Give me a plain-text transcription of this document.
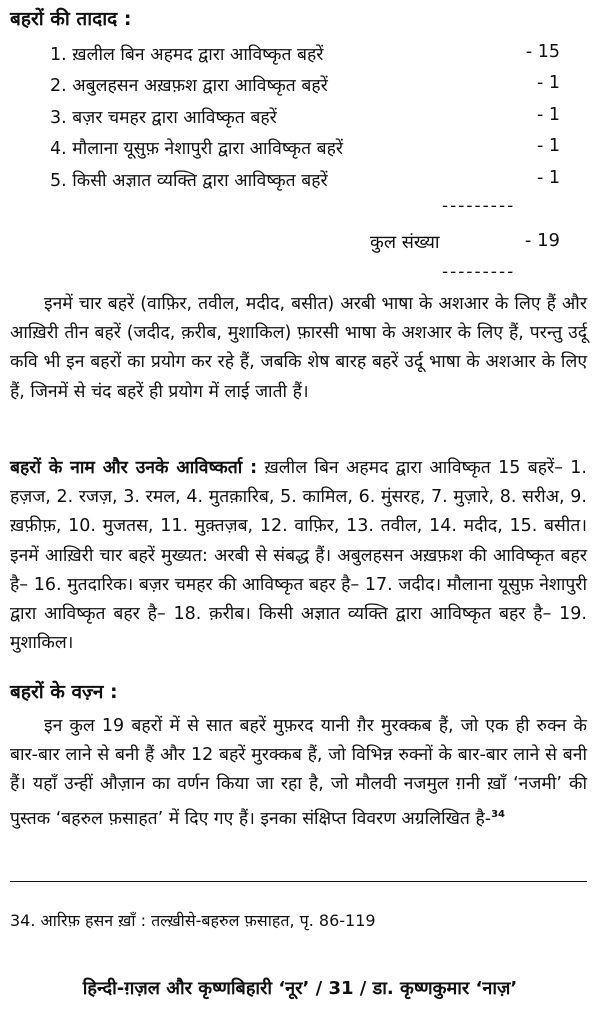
बहरों की तादाद :
1. ख़लील बिन अहमद द्वारा आविष्कृत बहरें	- 15
2. अबुलहसन अख़फ़श द्वारा आविष्कृत बहरें	- 1
3. बज़र चमहर द्वारा आविष्कृत बहरें	- 1
4. मौलाना यूसुफ़ नेशापुरी द्वारा आविष्कृत बहरें	- 1
5. किसी अज्ञात व्यक्ति द्वारा आविष्कृत बहरें	- 1
---------
कुल संख्या	- 19
---------

इनमें चार बहरें (वाफ़िर, तवील, मदीद, बसीत) अरबी भाषा के अशआर के लिए हैं और आख़िरी तीन बहरें (जदीद, क़रीब, मुशाकिल) फ़ारसी भाषा के अशआर के लिए हैं, परन्तु उर्दू कवि भी इन बहरों का प्रयोग कर रहे हैं, जबकि शेष बारह बहरें उर्दू भाषा के अशआर के लिए हैं, जिनमें से चंद बहरें ही प्रयोग में लाई जाती हैं।

बहरों के नाम और उनके आविष्कर्ता : ख़लील बिन अहमद द्वारा आविष्कृत 15 बहरें– 1. हज़ज, 2. रजज़, 3. रमल, 4. मुतक़ारिब, 5. कामिल, 6. मुंसरह, 7. मुज़ारे, 8. सरीअ, 9. ख़फ़ीफ़, 10. मुजतस, 11. मुक़्तज़ब, 12. वाफ़िर, 13. तवील, 14. मदीद, 15. बसीत। इनमें आख़िरी चार बहरें मुख्यत: अरबी से संबद्ध हैं। अबुलहसन अख़फ़श की आविष्कृत बहर है– 16. मुतदारिक। बज़र चमहर की आविष्कृत बहर है– 17. जदीद। मौलाना यूसुफ़ नेशापुरी द्वारा आविष्कृत बहर है– 18. क़रीब। किसी अज्ञात व्यक्ति द्वारा आविष्कृत बहर है– 19. मुशाकिल।

बहरों के वज़्न :

इन कुल 19 बहरों में से सात बहरें मुफ़रद यानी ग़ैर मुरक्कब हैं, जो एक ही रुक्न के बार-बार लाने से बनी हैं और 12 बहरें मुरक्कब हैं, जो विभिन्न रुक्नों के बार-बार लाने से बनी हैं। यहाँ उन्हीं औज़ान का वर्णन किया जा रहा है, जो मौलवी नजमुल ग़नी ख़ाँ ‘नजमी’ की पुस्तक ‘बहरुल फ़साहत’ में दिए गए हैं। इनका संक्षिप्त विवरण अग्रलिखित है-$^{34}$

34. आरिफ़ हसन ख़ाँ : तल्ख़ीसे-बहरुल फ़साहत, पृ. 86-119
हिन्दी-ग़ज़ल और कृष्णबिहारी ‘नूर’ / 31 / डा. कृष्णकुमार ‘नाज़’
